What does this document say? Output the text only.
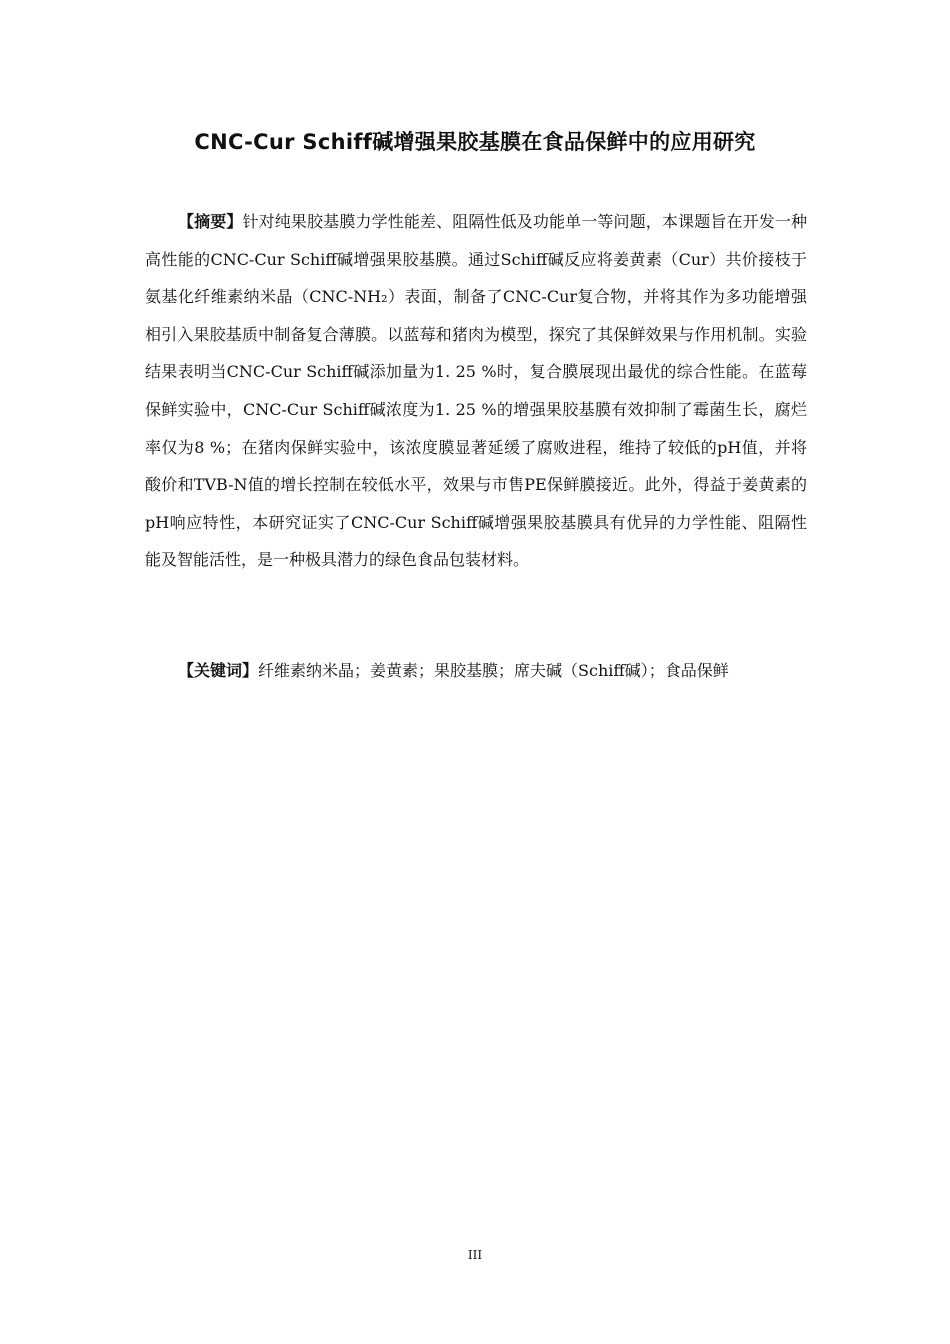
CNC-Cur Schiff碱增强果胶基膜在食品保鲜中的应用研究

【摘要】针对纯果胶基膜力学性能差、阻隔性低及功能单一等问题，本课题旨在开发一种高性能的CNC-Cur Schiff碱增强果胶基膜。通过Schiff碱反应将姜黄素（Cur）共价接枝于氨基化纤维素纳米晶（CNC-NH₂）表面，制备了CNC-Cur复合物，并将其作为多功能增强相引入果胶基质中制备复合薄膜。以蓝莓和猪肉为模型，探究了其保鲜效果与作用机制。实验结果表明当CNC-Cur Schiff碱添加量为1. 25 %时，复合膜展现出最优的综合性能。在蓝莓保鲜实验中，CNC-Cur Schiff碱浓度为1. 25 %的增强果胶基膜有效抑制了霉菌生长，腐烂率仅为8 %；在猪肉保鲜实验中，该浓度膜显著延缓了腐败进程，维持了较低的pH值，并将酸价和TVB-N值的增长控制在较低水平，效果与市售PE保鲜膜接近。此外，得益于姜黄素的pH响应特性，本研究证实了CNC-Cur Schiff碱增强果胶基膜具有优异的力学性能、阻隔性能及智能活性，是一种极具潜力的绿色食品包装材料。

【关键词】纤维素纳米晶；姜黄素；果胶基膜；席夫碱（Schiff碱）；食品保鲜

III
